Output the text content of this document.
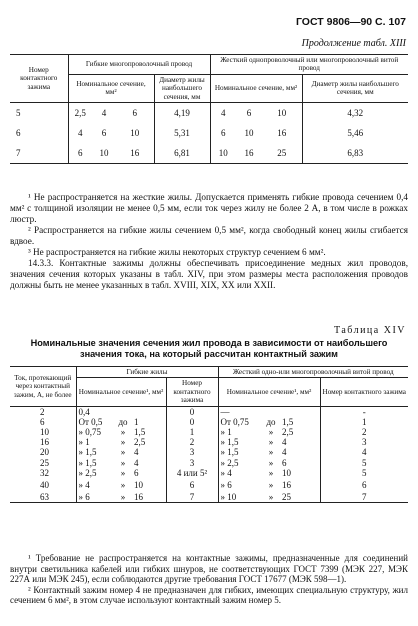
ГОСТ 9806—90 С. 107
Продолжение табл. XIII
Номер контактного зажима	Гибкие многопроволочный провод				Жесткий однопроволочный или многопроволочный витой провод			
	Номинальное сечение, мм²			Диаметр жилы наибольшего сечения, мм	Номинальное сечение, мм²			Диаметр жилы наибольшего сечения, мм
5	2,5	4	6	4,19	4	6	10	4,32
6	4	6	10	5,31	6	10	16	5,46
7	6	10	16	6,81	10	16	25	6,83

¹ Не распространяется на жесткие жилы. Допускается применять гибкие провода сечением 0,4 мм² с толщиной изоляции не менее 0,5 мм, если ток через жилу не более 2 А, в том числе в рожках люстр.

² Распространяется на гибкие жилы сечением 0,5 мм², когда свободный конец жилы сгибается вдвое.

³ Не распространяется на гибкие жилы некоторых структур сечением 6 мм².

14.3.3. Контактные зажимы должны обеспечивать присоединение медных жил проводов, значения сечения которых указаны в табл. XIV, при этом размеры места расположения проводов должны быть не менее указанных в табл. XVIII, XIX, XX или XXII.

Таблица XIV
Номинальные значения сечения жил провода в зависимости от наибольшего значения тока, на который рассчитан контактный зажим
Ток, протекающий через контактный зажим, А, не более	Гибкие жилы				Жесткий одно-или многопроволочный витой провод			
	Номинальное сечение¹, мм²			Номер контактного зажима	Номинальное сечение¹, мм²			Номер контактного зажима
2	0,4			0	—			-
6	От 0,5	до	1	0	От 0,75	до	1,5	1
10	» 0,75	»	1,5	1	» 1	»	2,5	2
16	» 1	»	2,5	2	» 1,5	»	4	3
20	» 1,5	»	4	3	» 1,5	»	4	4
25	» 1,5	»	4	3	» 2,5	»	6	5
32	» 2,5	»	6	4 или 5²	» 4	»	10	5
40	» 4	»	10	6	» 6	»	16	6
63	» 6	»	16	7	» 10	»	25	7

¹ Требование не распространяется на контактные зажимы, предназначенные для соединений внутри светильника кабелей или гибких шнуров, не соответствующих ГОСТ 7399 (МЭК 227, МЭК 227А или МЭК 245), если соблюдаются другие требования ГОСТ 17677 (МЭК 598—1).

² Контактный зажим номер 4 не предназначен для гибких, имеющих специальную структуру, жил сечением 6 мм², в этом случае используют контактный зажим номер 5.
